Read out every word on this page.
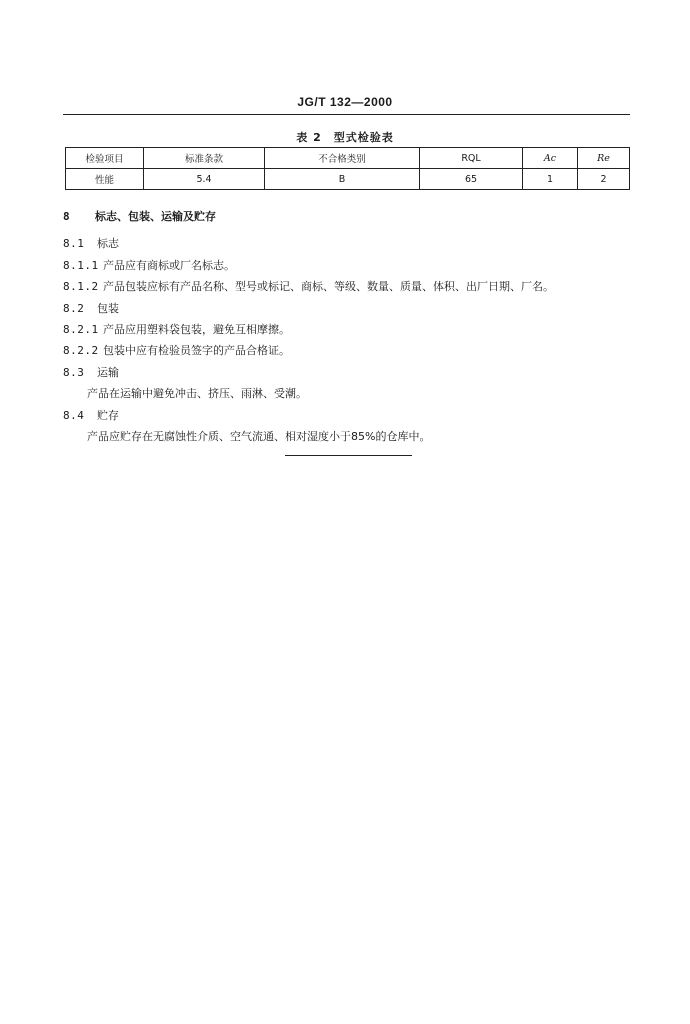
JG/T 132—2000
表 2　型式检验表
检验项目	标准条款	不合格类别	RQL	Ac	Re
性能	5.4	B	65	1	2
8 标志、包装、运输及贮存
8.1 标志
8.1.1 产品应有商标或厂名标志。
8.1.2 产品包装应标有产品名称、型号或标记、商标、等级、数量、质量、体积、出厂日期、厂名。
8.2 包装
8.2.1 产品应用塑料袋包装，避免互相摩擦。
8.2.2 包装中应有检验员签字的产品合格证。
8.3 运输
产品在运输中避免冲击、挤压、雨淋、受潮。
8.4 贮存
产品应贮存在无腐蚀性介质、空气流通、相对湿度小于85%的仓库中。
